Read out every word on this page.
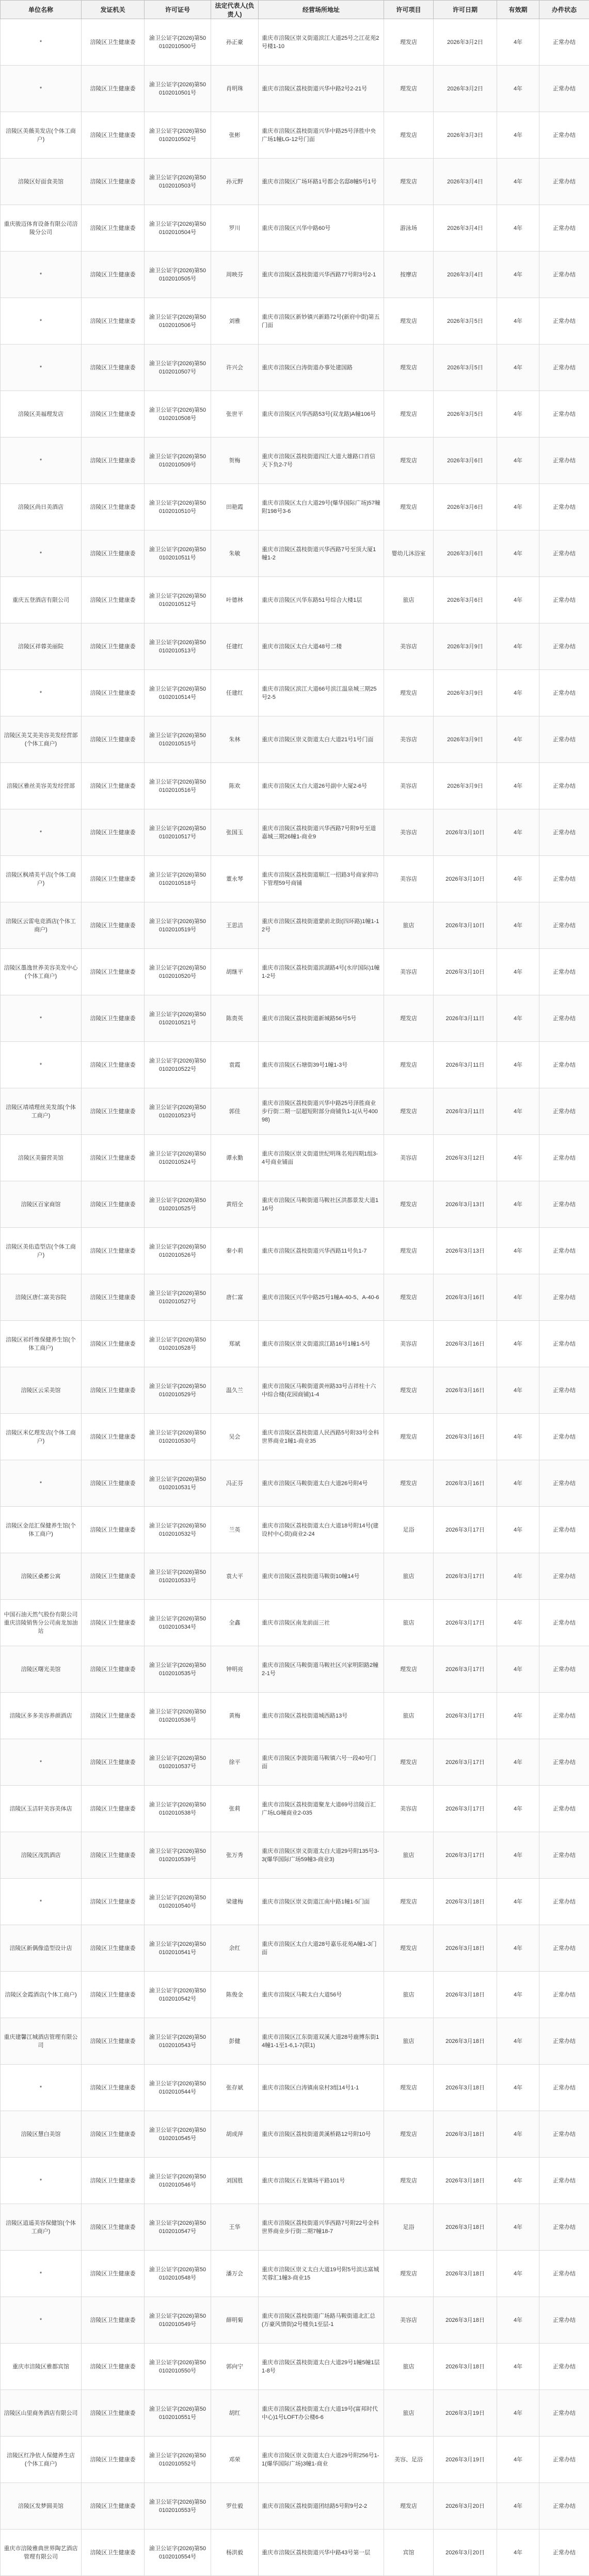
单位名称	发证机关	许可证号	法定代表人(负责人)	经营场所地址	许可项目	许可日期	有效期	办件状态
*	涪陵区卫生健康委	渝卫公证字(2026)第500102010500号	孙正豪	重庆市涪陵区崇义街道滨江大道25号之江花苑2号楼1-10	理发店	2026年3月2日	4年	正常办结
*	涪陵区卫生健康委	渝卫公证字(2026)第500102010501号	肖明珠	重庆市涪陵区荔枝街道兴华中路2号2-21号	理发店	2026年3月2日	4年	正常办结
涪陵区美薇美发店(个体工商户)	涪陵区卫生健康委	渝卫公证字(2026)第500102010502号	张彬	重庆市涪陵区荔枝街道兴华中路25号泽胜中央广场1幢LG-12号门面	理发店	2026年3月3日	4年	正常办结
涪陵区好面食美馆	涪陵区卫生健康委	渝卫公证字(2026)第500102010503号	孙元野	重庆市涪陵区广场环路1号都会名邸8幢5号1号	理发店	2026年3月4日	4年	正常办结
重庆骏迈体育设备有限公司涪陵分公司	涪陵区卫生健康委	渝卫公证字(2026)第500102010504号	罗川	重庆市涪陵区兴华中路60号	游泳场	2026年3月4日	4年	正常办结
*	涪陵区卫生健康委	渝卫公证字(2026)第500102010505号	周映芬	重庆市涪陵区荔枝街道兴华西路77号附3号2-1	按摩店	2026年3月4日	4年	正常办结
*	涪陵区卫生健康委	渝卫公证字(2026)第500102010506号	刘雅	重庆市涪陵区新妙镇兴新路72号(新府中街)第五门面	理发店	2026年3月5日	4年	正常办结
*	涪陵区卫生健康委	渝卫公证字(2026)第500102010507号	许兴会	重庆市涪陵区白涛街道办事处建国路	理发店	2026年3月5日	4年	正常办结
涪陵区美福理发店	涪陵区卫生健康委	渝卫公证字(2026)第500102010508号	张世平	重庆市涪陵区兴华西路53号(双龙路)A幢106号	理发店	2026年3月5日	4年	正常办结
*	涪陵区卫生健康委	渝卫公证字(2026)第500102010509号	贺梅	重庆市涪陵区荔枝街道四江大道大雄路口首信天下负2-7号	理发店	2026年3月6日	4年	正常办结
涪陵区尚日美酒店	涪陵区卫生健康委	渝卫公证字(2026)第500102010510号	田艳霞	重庆市涪陵区太白大道29号(爆华国际广场)57幢附198号3-6	理发店	2026年3月6日	4年	正常办结
*	涪陵区卫生健康委	渝卫公证字(2026)第500102010511号	朱敏	重庆市涪陵区荔枝街道兴华西路7号至顶大厦1幢1-2	婴幼儿沐浴室	2026年3月6日	4年	正常办结
重庆五登酒店有限公司	涪陵区卫生健康委	渝卫公证字(2026)第500102010512号	叶德林	重庆市涪陵区兴华东路51号综合大楼1层	旅店	2026年3月6日	4年	正常办结
涪陵区祥蓉美丽院	涪陵区卫生健康委	渝卫公证字(2026)第500102010513号	任建红	重庆市涪陵区太白大道48号二楼	美容店	2026年3月9日	4年	正常办结
*	涪陵区卫生健康委	渝卫公证字(2026)第500102010514号	任建红	重庆市涪陵区滨江大道66号滨江温泉城三期25号2-5	理发店	2026年3月9日	4年	正常办结
涪陵区美艾美美容美发经营部(个体工商户)	涪陵区卫生健康委	渝卫公证字(2026)第500102010515号	朱林	重庆市涪陵区崇义街道太白大道21号1号门面	美容店	2026年3月9日	4年	正常办结
涪陵区雅丝美容美发经营部	涪陵区卫生健康委	渝卫公证字(2026)第500102010516号	陈欢	重庆市涪陵区太白大道26号副中大厦2-6号	美容店	2026年3月9日	4年	正常办结
*	涪陵区卫生健康委	渝卫公证字(2026)第500102010517号	张国玉	重庆市涪陵区荔枝街道兴华西路7号附9号至道嘉城三期26幢1-商业9	美容店	2026年3月10日	4年	正常办结
涪陵区枫靖美平店(个体工商户)	涪陵区卫生健康委	渝卫公证字(2026)第500102010518号	董永琴	重庆市涪陵区荔枝街道顺江一招路3号商家抑功下管理59号商铺	美容店	2026年3月10日	4年	正常办结
涪陵区云雷电竞酒店(个体工商户)	涪陵区卫生健康委	渝卫公证字(2026)第500102010519号	王思洁	重庆市涪陵区荔枝街道蒙前北街(四环路)1幢1-12号	旅店	2026年3月10日	4年	正常办结
涪陵区墨逸世养美容美发中心(个体工商户)	涪陵区卫生健康委	渝卫公证字(2026)第500102010520号	胡继平	重庆市涪陵区荔枝街道滨湖路4号(水岸国际)1幢1-2号	美容店	2026年3月10日	4年	正常办结
*	涪陵区卫生健康委	渝卫公证字(2026)第500102010521号	陈贵英	重庆市涪陵区荔枝街道新城路56号5号	理发店	2026年3月11日	4年	正常办结
*	涪陵区卫生健康委	渝卫公证字(2026)第500102010522号	袁霞	重庆市涪陵区石塘街39号1幢1-3号	理发店	2026年3月11日	4年	正常办结
涪陵区靖靖理丝美发部(个体工商户)	涪陵区卫生健康委	渝卫公证字(2026)第500102010523号	郭佳	重庆市涪陵区荔枝街道兴华中路25号泽胜商业步行街二期一层超短附部分商铺负1-1(从号40098)	理发店	2026年3月11日	4年	正常办结
涪陵区美猫营美馆	涪陵区卫生健康委	渝卫公证字(2026)第500102010524号	谭永勤	重庆市涪陵区崇义街道世纪明珠名苑四期1组3-4号商业铺面	美容店	2026年3月12日	4年	正常办结
涪陵区百家商馆	涪陵区卫生健康委	渝卫公证字(2026)第500102010525号	黄绍全	重庆市涪陵区马鞍街道马鞍社区洪都景发大道116号	理发店	2026年3月13日	4年	正常办结
涪陵区美佑造型店(个体工商户)	涪陵区卫生健康委	渝卫公证字(2026)第500102010526号	秦小莉	重庆市涪陵区荔枝街道兴华西路11号负1-7	理发店	2026年3月13日	4年	正常办结
涪陵区唐仁富美容院	涪陵区卫生健康委	渝卫公证字(2026)第500102010527号	唐仁富	重庆市涪陵区兴华中路25号1幢A-40-5、A-40-6	理发店	2026年3月16日	4年	正常办结
涪陵区祁纤维保健养生馆(个体工商户)	涪陵区卫生健康委	渝卫公证字(2026)第500102010528号	郑斌	重庆市涪陵区崇义街道滨江路16号1幢1-5号	美容店	2026年3月16日	4年	正常办结
涪陵区云采美馆	涪陵区卫生健康委	渝卫公证字(2026)第500102010529号	温久兰	重庆市涪陵区马鞍街道黄州路33号吉祥柱十六中综合楼(花园商铺)1-4	理发店	2026年3月16日	4年	正常办结
涪陵区米亿理发店(个体工商户)	涪陵区卫生健康委	渝卫公证字(2026)第500102010530号	吴会	重庆市涪陵区荔枝街道人民西路5号附33号金科世界商业1幢1-商业35	理发店	2026年3月16日	4年	正常办结
*	涪陵区卫生健康委	渝卫公证字(2026)第500102010531号	冯正芬	重庆市涪陵区马鞍街道太白大道26号附4号	理发店	2026年3月16日	4年	正常办结
涪陵区金范汇保健养生馆(个体工商户)	涪陵区卫生健康委	渝卫公证字(2026)第500102010532号	兰英	重庆市涪陵区荔枝街道太白大道18号附14号(建设村中心街)商业2-24	足浴	2026年3月17日	4年	正常办结
涪陵区桑蓄公寓	涪陵区卫生健康委	渝卫公证字(2026)第500102010533号	袁大平	重庆市涪陵区荔枝街道马鞍街10幢14号	旅店	2026年3月17日	4年	正常办结
中国石油天然气股份有限公司重庆涪陵销售分公司南龙加油站	涪陵区卫生健康委	渝卫公证字(2026)第500102010534号	全鑫	重庆市涪陵区南龙前面三社	旅店	2026年3月17日	4年	正常办结
涪陵区曙光美馆	涪陵区卫生健康委	渝卫公证字(2026)第500102010535号	钟明亮	重庆市涪陵区马鞍街道马鞍社区兴家明阳路2幢2-1号	理发店	2026年3月17日	4年	正常办结
涪陵区多多美容养颜酒店	涪陵区卫生健康委	渝卫公证字(2026)第500102010536号	黄梅	重庆市涪陵区荔枝街道城西路13号	旅店	2026年3月17日	4年	正常办结
*	涪陵区卫生健康委	渝卫公证字(2026)第500102010537号	徐平	重庆市涪陵区李渡街道马鞍镇六号一段40号门面	理发店	2026年3月17日	4年	正常办结
涪陵区玉洁轩美容美体店	涪陵区卫生健康委	渝卫公证字(2026)第500102010538号	张莉	重庆市涪陵区荔枝街道聚龙大道69号涪陵百汇广场LG幢商业2-035	美容店	2026年3月17日	4年	正常办结
涪陵区茂凯酒店	涪陵区卫生健康委	渝卫公证字(2026)第500102010539号	张万秀	重庆市涪陵区崇义街道太白大道29号附135号3-3(爆华国际广场59幢3-商业3)	旅店	2026年3月17日	4年	正常办结
*	涪陵区卫生健康委	渝卫公证字(2026)第500102010540号	梁建梅	重庆市涪陵区崇义街道江南中路1幢1-5门面	理发店	2026年3月18日	4年	正常办结
涪陵区新偶像造型设计店	涪陵区卫生健康委	渝卫公证字(2026)第500102010541号	余红	重庆市涪陵区太白大道28号嘉乐花苑A幢1-3门面	理发店	2026年3月18日	4年	正常办结
涪陵区金霞酒店(个体工商户)	涪陵区卫生健康委	渝卫公证字(2026)第500102010542号	陈俊金	重庆市涪陵区马鞍太白大道56号	旅店	2026年3月18日	4年	正常办结
重庆建馨江城酒店管理有限公司	涪陵区卫生健康委	渝卫公证字(2026)第500102010543号	彭健	重庆市涪陵区江东街道双溪大道28号鹿博东街14幢1-1至1-6,1-7(联1)	旅店	2026年3月18日	4年	正常办结
*	涪陵区卫生健康委	渝卫公证字(2026)第500102010544号	张存斌	重庆市涪陵区白涛镇南泉村3组14号1-1	理发店	2026年3月18日	4年	正常办结
涪陵区慧白美馆	涪陵区卫生健康委	渝卫公证字(2026)第500102010545号	胡成萍	重庆市涪陵区荔枝街道黄溪桥路12号附10号	理发店	2026年3月18日	4年	正常办结
*	涪陵区卫生健康委	渝卫公证字(2026)第500102010546号	刘国胜	重庆市涪陵区石龙镇场平路101号	理发店	2026年3月18日	4年	正常办结
涪陵区逍遥美容保健馆(个体工商户)	涪陵区卫生健康委	渝卫公证字(2026)第500102010547号	王华	重庆市涪陵区荔枝街道兴华西路7号附22号金科世界商业步行街二期7幢18-7	足浴	2026年3月18日	4年	正常办结
*	涪陵区卫生健康委	渝卫公证字(2026)第500102010548号	潘万会	重庆市涪陵区崇义太白大道19号附5号滨达富城芙蓉汇1幢3-商业15	理发店	2026年3月18日	4年	正常办结
*	涪陵区卫生健康委	渝卫公证字(2026)第500102010549号	薛明菊	重庆市涪陵区荔枝街道广场路马鞍街道北汇总(万豪风情街)2号楼负1至层-1	美容店	2026年3月18日	4年	正常办结
重庆市涪陵区雅都宾馆	涪陵区卫生健康委	渝卫公证字(2026)第500102010550号	郭向宁	重庆市涪陵区荔枝街道太白大道29号1幢5幢1层1-8号	旅店	2026年3月18日	4年	正常办结
涪陵区山里商务酒店有限公司	涪陵区卫生健康委	渝卫公证字(2026)第500102010551号	胡红	重庆市涪陵区荔枝街道太白大道19号(富邦时代中心)1号LOFT办公楼6-6	旅店	2026年3月19日	4年	正常办结
涪陵区红净依人保健养生店(个体工商户)	涪陵区卫生健康委	渝卫公证字(2026)第500102010552号	邓荣	重庆市涪陵区崇义街道太白大道29号附256号1-1(爆华国际广场)3幢1-商业	美容、足浴	2026年3月19日	4年	正常办结
涪陵区发梦圆美馆	涪陵区卫生健康委	渝卫公证字(2026)第500102010553号	罗仕毅	重庆市涪陵区荔枝街道团结路5号附9号2-2	理发店	2026年3月20日	4年	正常办结
重庆市涪陵雅典世界陶艺酒店管理有限公司	涪陵区卫生健康委	渝卫公证字(2026)第500102010554号	杨洪毅	重庆市涪陵区荔枝街道兴华中路43号第一层	宾馆	2026年3月20日	4年	正常办结
